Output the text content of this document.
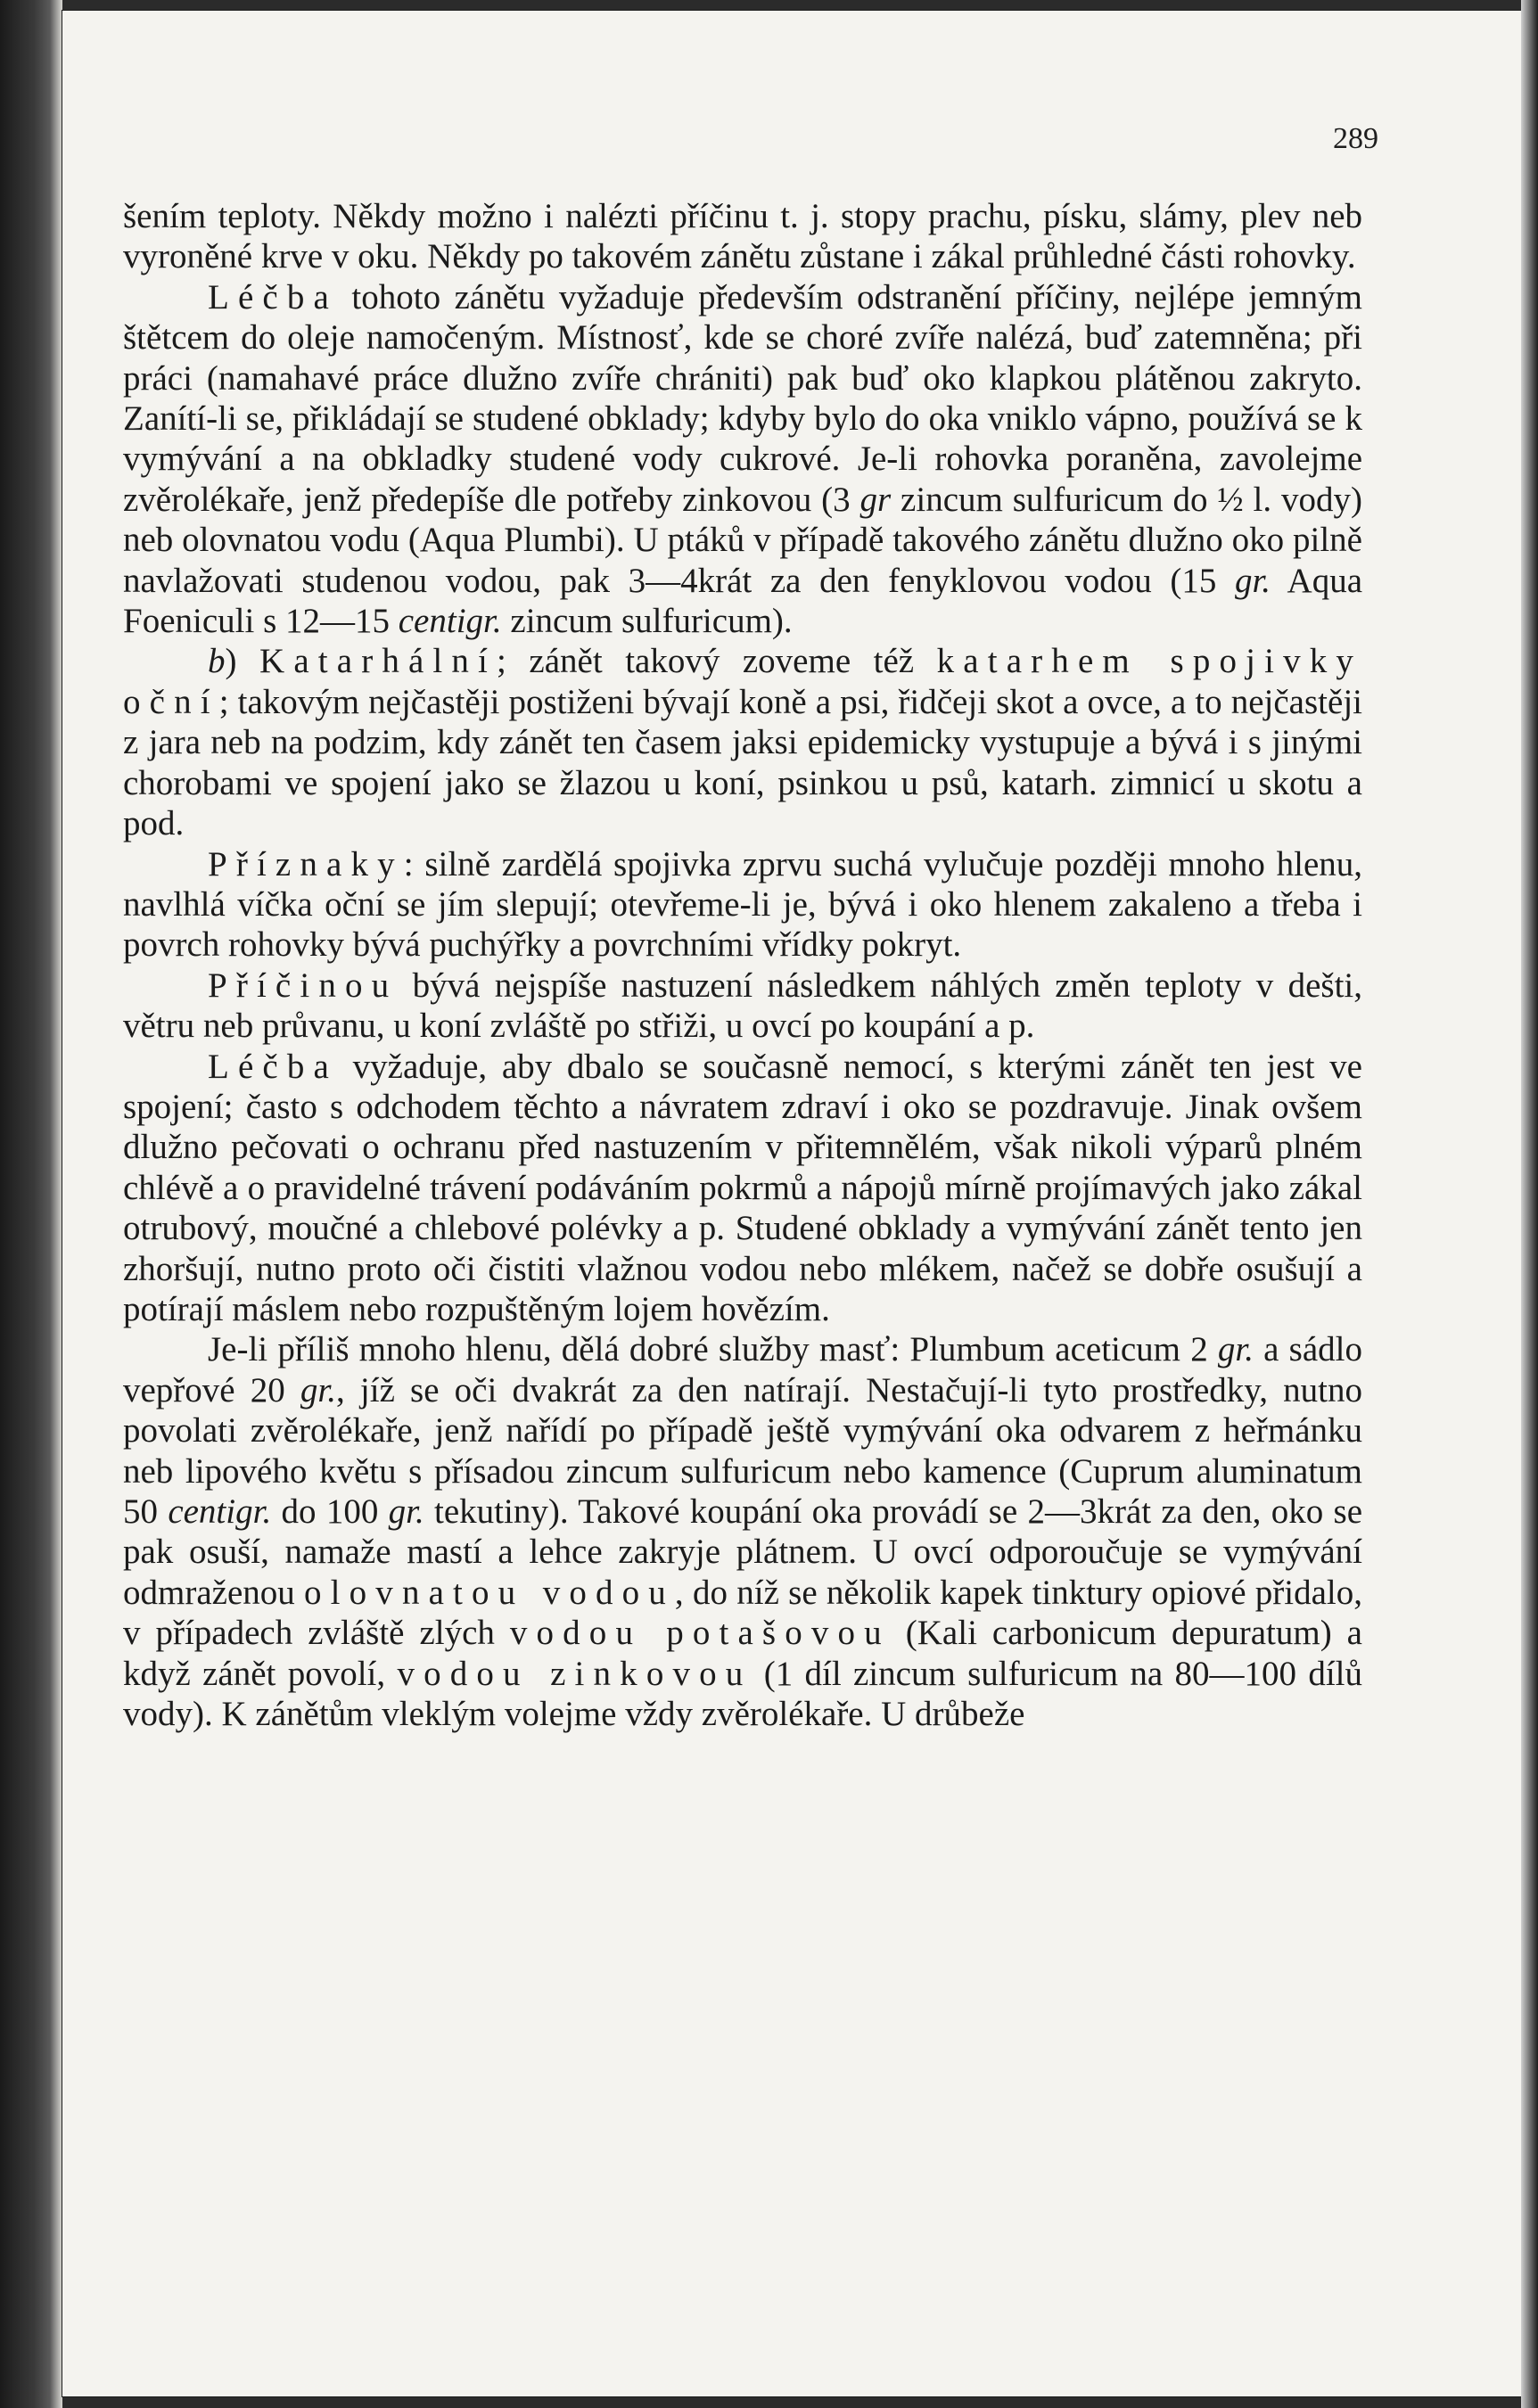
289

šením teploty. Někdy možno i nalézti příčinu t. j. stopy prachu, písku, slámy, plev neb vyroněné krve v oku. Někdy po takovém zánětu zůstane i zákal průhledné části rohovky.

Léčba tohoto zánětu vyžaduje především odstranění příčiny, nejlépe jemným štětcem do oleje namočeným. Místnosť, kde se choré zvíře nalézá, buď zatemněna; při práci (namahavé práce dlužno zvíře chrániti) pak buď oko klapkou plátěnou zakryto. Zanítí-li se, přikládají se studené obklady; kdyby bylo do oka vniklo vápno, používá se k vymývání a na obkladky studené vody cukrové. Je-li rohovka poraněna, zavolejme zvěrolékaře, jenž předepíše dle potřeby zinkovou (3 gr zincum sulfuricum do ½ l. vody) neb olovnatou vodu (Aqua Plumbi). U ptáků v případě takového zánětu dlužno oko pilně navlažovati studenou vodou, pak 3—4krát za den fenyklovou vodou (15 gr. Aqua Foeniculi s 12—15 centigr. zincum sulfuricum).

b) Katarhální; zánět takový zoveme též katarhem spojivky oční; takovým nejčastěji postiženi bývají koně a psi, řidčeji skot a ovce, a to nejčastěji z jara neb na podzim, kdy zánět ten časem jaksi epidemicky vystupuje a bývá i s jinými chorobami ve spojení jako se žlazou u koní, psinkou u psů, katarh. zimnicí u skotu a pod.

Příznaky: silně zardělá spojivka zprvu suchá vylučuje později mnoho hlenu, navlhlá víčka oční se jím slepují; otevřeme-li je, bývá i oko hlenem zakaleno a třeba i povrch rohovky bývá puchýřky a povrchními vřídky pokryt.

Příčinou bývá nejspíše nastuzení následkem náhlých změn teploty v dešti, větru neb průvanu, u koní zvláště po střiži, u ovcí po koupání a p.

Léčba vyžaduje, aby dbalo se současně nemocí, s kterými zánět ten jest ve spojení; často s odchodem těchto a návratem zdraví i oko se pozdravuje. Jinak ovšem dlužno pečovati o ochranu před nastuzením v přitemnělém, však nikoli výparů plném chlévě a o pravidelné trávení podáváním pokrmů a nápojů mírně projímavých jako zákal otrubový, moučné a chlebové polévky a p. Studené obklady a vymývání zánět tento jen zhoršují, nutno proto oči čistiti vlažnou vodou nebo mlékem, načež se dobře osušují a potírají máslem nebo rozpuštěným lojem hovězím.

Je-li příliš mnoho hlenu, dělá dobré služby masť: Plumbum aceticum 2 gr. a sádlo vepřové 20 gr., jíž se oči dvakrát za den natírají. Nestačují-li tyto prostředky, nutno povolati zvěrolékaře, jenž nařídí po případě ještě vymývání oka odvarem z heřmánku neb lipového květu s přísadou zincum sulfuricum nebo kamence (Cuprum aluminatum 50 centigr. do 100 gr. tekutiny). Takové koupání oka provádí se 2—3krát za den, oko se pak osuší, namaže mastí a lehce zakryje plátnem. U ovcí odporoučuje se vymývání odmraženou olovnatou vodou, do níž se několik kapek tinktury opiové přidalo, v případech zvláště zlých vodou potašovou (Kali carbonicum depuratum) a když zánět povolí, vodou zinkovou (1 díl zincum sulfuricum na 80—100 dílů vody). K zánětům vleklým volejme vždy zvěrolékaře. U drůbeže
